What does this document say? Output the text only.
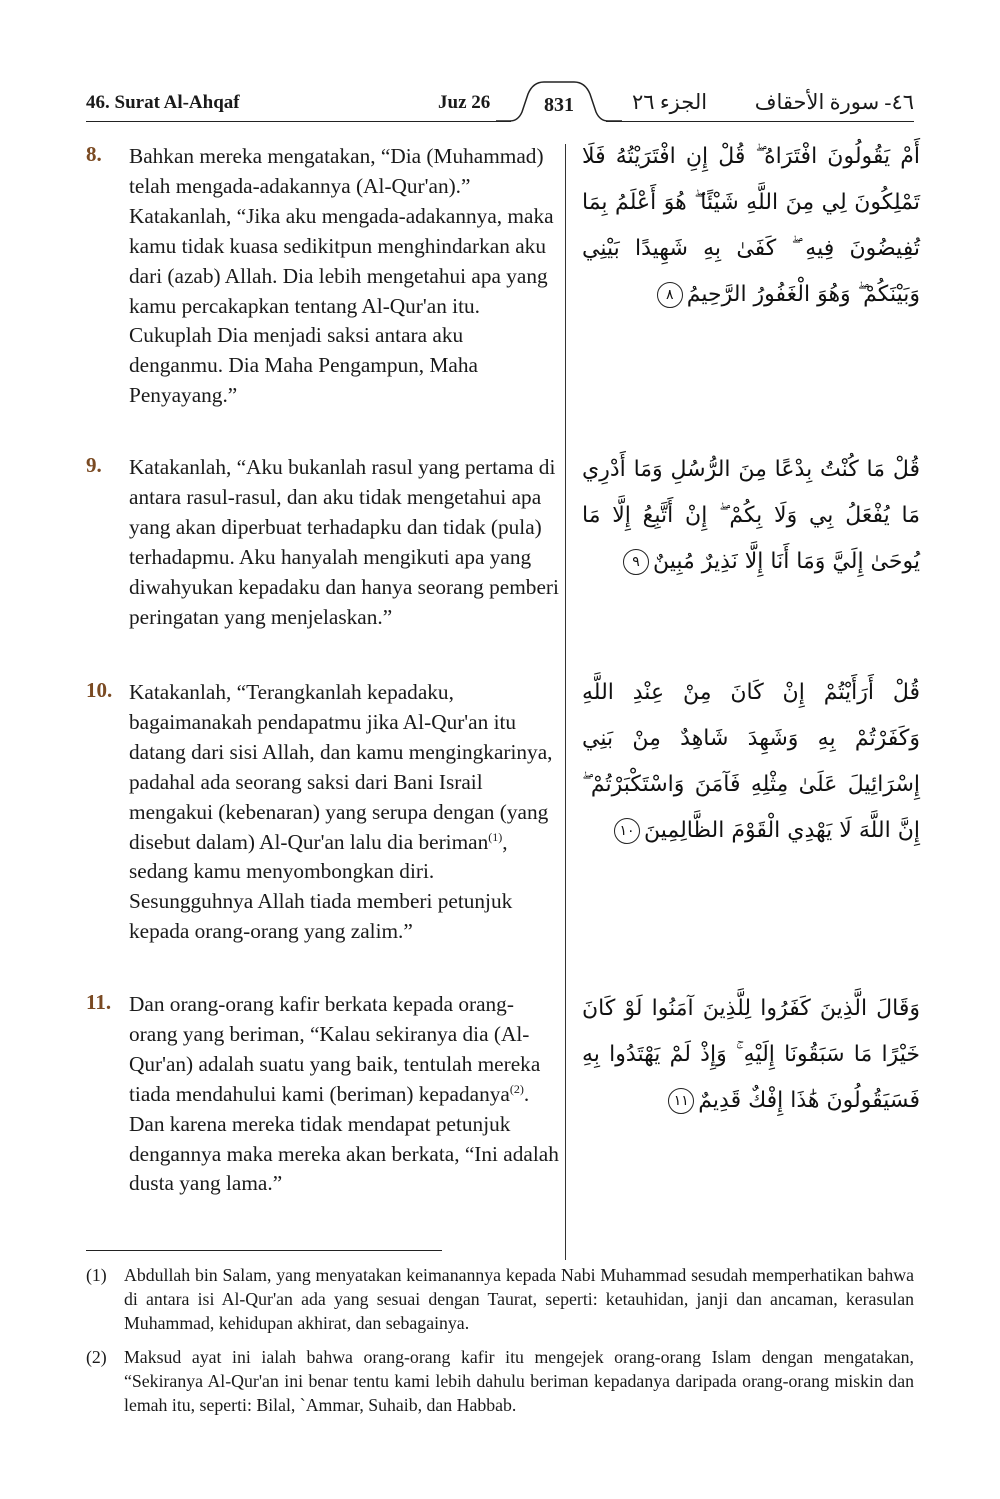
46. Surat Al-Ahqaf	Juz 26	831	الجزء ٢٦ ٤٦- سورة الأحقاف
8. Bahkan mereka mengatakan, “Dia (Muhammad) telah mengada-adakannya (Al-Qur'an).” Katakanlah, “Jika aku mengada-adakannya, maka kamu tidak kuasa sedikitpun menghindarkan aku dari (azab) Allah. Dia lebih mengetahui apa yang kamu percakapkan tentang Al-Qur'an itu. Cukuplah Dia menjadi saksi antara aku denganmu. Dia Maha Pengampun, Maha Penyayang.”
أَمْ يَقُولُونَ افْتَرَاهُ ۖ قُلْ إِنِ افْتَرَيْتُهُ فَلَا تَمْلِكُونَ لِي مِنَ اللَّهِ شَيْئًا ۖ هُوَ أَعْلَمُ بِمَا تُفِيضُونَ فِيهِ ۖ كَفَىٰ بِهِ شَهِيدًا بَيْنِي وَبَيْنَكُمْ ۖ وَهُوَ الْغَفُورُ الرَّحِيمُ٨
9. Katakanlah, “Aku bukanlah rasul yang pertama di antara rasul-rasul, dan aku tidak mengetahui apa yang akan diperbuat terhadapku dan tidak (pula) terhadapmu. Aku hanyalah mengikuti apa yang diwahyukan kepadaku dan hanya seorang pemberi peringatan yang menjelaskan.”
قُلْ مَا كُنْتُ بِدْعًا مِنَ الرُّسُلِ وَمَا أَدْرِي مَا يُفْعَلُ بِي وَلَا بِكُمْ ۖ إِنْ أَتَّبِعُ إِلَّا مَا يُوحَىٰ إِلَيَّ وَمَا أَنَا إِلَّا نَذِيرٌ مُبِينٌ٩
10. Katakanlah, “Terangkanlah kepadaku, bagaimanakah pendapatmu jika Al-Qur'an itu datang dari sisi Allah, dan kamu mengingkarinya, padahal ada seorang saksi dari Bani Israil mengakui (kebenaran) yang serupa dengan (yang disebut dalam) Al-Qur'an lalu dia beriman$^{(1)}$, sedang kamu menyombongkan diri. Sesungguhnya Allah tiada memberi petunjuk kepada orang-orang yang zalim.”
قُلْ أَرَأَيْتُمْ إِنْ كَانَ مِنْ عِنْدِ اللَّهِ وَكَفَرْتُمْ بِهِ وَشَهِدَ شَاهِدٌ مِنْ بَنِي إِسْرَائِيلَ عَلَىٰ مِثْلِهِ فَآمَنَ وَاسْتَكْبَرْتُمْ ۖ إِنَّ اللَّهَ لَا يَهْدِي الْقَوْمَ الظَّالِمِينَ١٠
11. Dan orang-orang kafir berkata kepada orang-orang yang beriman, “Kalau sekiranya dia (Al-Qur'an) adalah suatu yang baik, tentulah mereka tiada mendahului kami (beriman) kepadanya$^{(2)}$. Dan karena mereka tidak mendapat petunjuk dengannya maka mereka akan berkata, “Ini adalah dusta yang lama.”
وَقَالَ الَّذِينَ كَفَرُوا لِلَّذِينَ آمَنُوا لَوْ كَانَ خَيْرًا مَا سَبَقُونَا إِلَيْهِ ۚ وَإِذْ لَمْ يَهْتَدُوا بِهِ فَسَيَقُولُونَ هَٰذَا إِفْكٌ قَدِيمٌ١١
(1) Abdullah bin Salam, yang menyatakan keimanannya kepada Nabi Muhammad sesudah memperhatikan bahwa di antara isi Al-Qur'an ada yang sesuai dengan Taurat, seperti: ketauhidan, janji dan ancaman, kerasulan Muhammad, kehidupan akhirat, dan sebagainya.
(2) Maksud ayat ini ialah bahwa orang-orang kafir itu mengejek orang-orang Islam dengan mengatakan, “Sekiranya Al-Qur'an ini benar tentu kami lebih dahulu beriman kepadanya daripada orang-orang miskin dan lemah itu, seperti: Bilal, `Ammar, Suhaib, dan Habbab.
